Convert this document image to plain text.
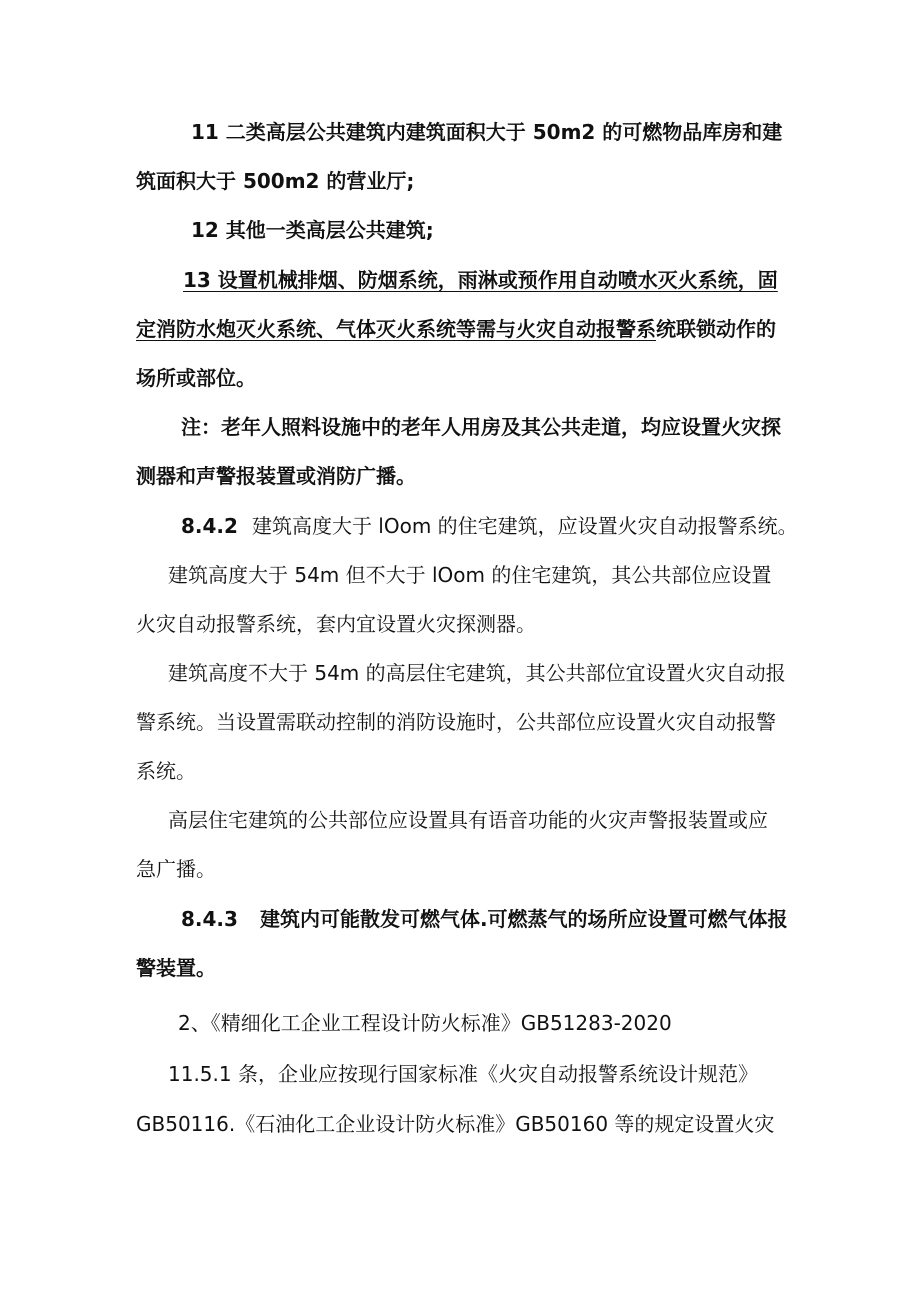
11 二类高层公共建筑内建筑面积大于 50m2 的可燃物品库房和建
筑面积大于 500m2 的营业厅;
12 其他一类高层公共建筑;
13 设置机械排烟、防烟系统，雨淋或预作用自动喷水灭火系统，固
定消防水炮灭火系统、气体灭火系统等需与火灾自动报警系统联锁动作的
场所或部位。
注：老年人照料设施中的老年人用房及其公共走道，均应设置火灾探
测器和声警报装置或消防广播。
8.4.2 建筑高度大于 lOom 的住宅建筑，应设置火灾自动报警系统。
建筑高度大于 54m 但不大于 lOom 的住宅建筑，其公共部位应设置
火灾自动报警系统，套内宜设置火灾探测器。
建筑高度不大于 54m 的高层住宅建筑，其公共部位宜设置火灾自动报
警系统。当设置需联动控制的消防设施时，公共部位应设置火灾自动报警
系统。
高层住宅建筑的公共部位应设置具有语音功能的火灾声警报装置或应
急广播。
8.4.3 建筑内可能散发可燃气体.可燃蒸气的场所应设置可燃气体报
警装置。
2、《精细化工企业工程设计防火标准》GB51283-2020
11.5.1 条，企业应按现行国家标准《火灾自动报警系统设计规范》
GB50116.《石油化工企业设计防火标准》GB50160 等的规定设置火灾
